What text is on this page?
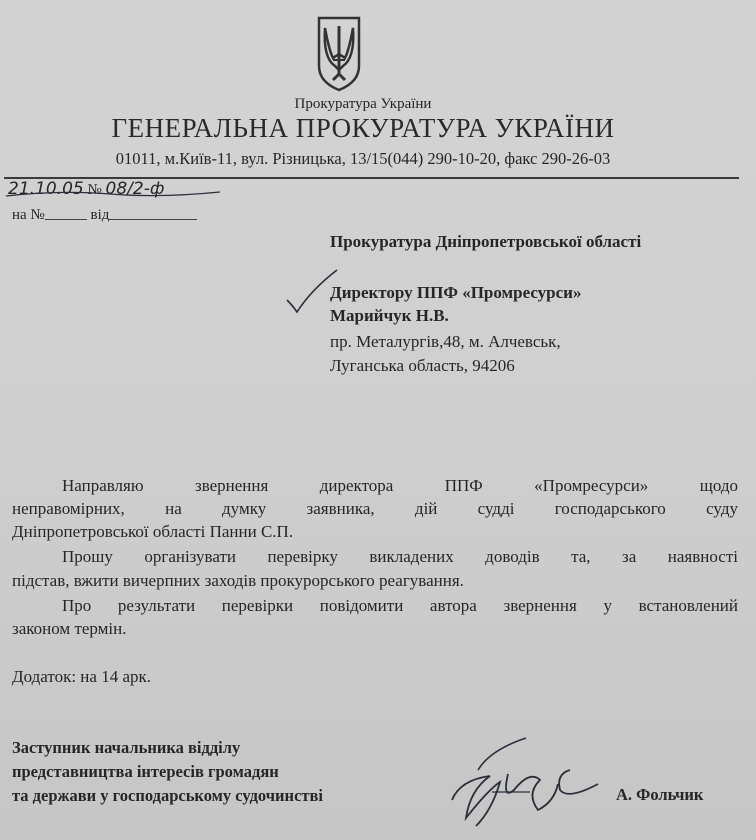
Прокуратура України
ГЕНЕРАЛЬНА ПРОКУРАТУРА УКРАЇНИ
01011, м.Київ-11, вул. Різницька, 13/15(044) 290-10-20, факс 290-26-03
21.10.05 № 08/2-ф
на №	від
Прокуратура Дніпропетровської області
Директору ППФ «Промресурси»
Марийчук Н.В.
пр. Металургів,48, м. Алчевськ,
Луганська область, 94206
Направляю звернення директора ППФ «Промресурси» щодо
неправомірних, на думку заявника, дій судді господарського суду
Дніпропетровської області Панни С.П.
Прошу організувати перевірку викладених доводів та, за наявності
підстав, вжити вичерпних заходів прокурорського реагування.
Про результати перевірки повідомити автора звернення у встановлений
законом термін.
Додаток: на 14 арк.
Заступник начальника відділу
представництва інтересів громадян
та держави у господарському судочинстві	А. Фольчик
